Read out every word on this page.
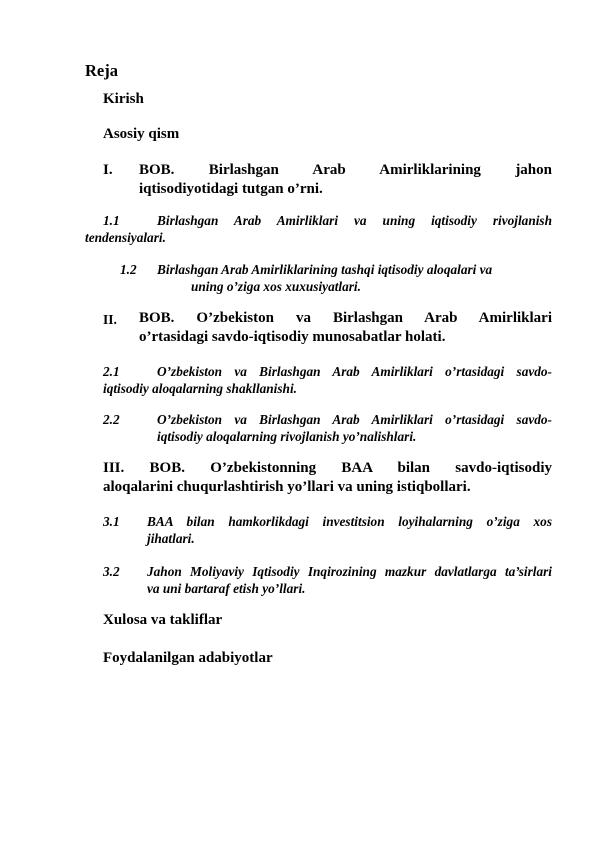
Reja
Kirish
Asosiy qism
I. BOB. Birlashgan Arab Amirliklarining jahon
iqtisodiyotidagi tutgan o’rni.
1.1	Birlashgan Arab Amirliklari va uning iqtisodiy rivojlanish
tendensiyalari.
1.2 Birlashgan Arab Amirliklarining tashqi iqtisodiy aloqalari va
uning o’ziga xos xuxusiyatlari.
II. BOB. O’zbekiston va Birlashgan Arab Amirliklari
o’rtasidagi savdo-iqtisodiy munosabatlar holati.
2.1	O’zbekiston va Birlashgan Arab Amirliklari o’rtasidagi savdo-
iqtisodiy aloqalarning shakllanishi.
2.2	O’zbekiston va Birlashgan Arab Amirliklari o’rtasidagi savdo-
iqtisodiy aloqalarning rivojlanish yo’nalishlari.
III. BOB. O’zbekistonning BAA bilan savdo-iqtisodiy
aloqalarini chuqurlashtirish yo’llari va uning istiqbollari.
3.1 BAA bilan hamkorlikdagi investitsion loyihalarning o’ziga xos
jihatlari.
3.2 Jahon Moliyaviy Iqtisodiy Inqirozining mazkur davlatlarga ta’sirlari
va uni bartaraf etish yo’llari.
Xulosa va takliflar
Foydalanilgan adabiyotlar
